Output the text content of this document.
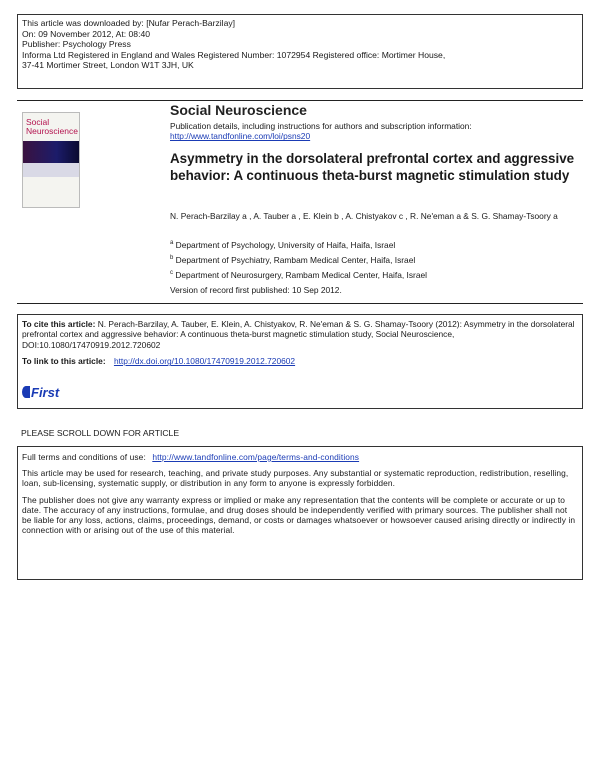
This article was downloaded by: [Nufar Perach-Barzilay]
On: 09 November 2012, At: 08:40
Publisher: Psychology Press
Informa Ltd Registered in England and Wales Registered Number: 1072954 Registered office: Mortimer House,
37-41 Mortimer Street, London W1T 3JH, UK
Social
Neuroscience
Social Neuroscience
Publication details, including instructions for authors and subscription information:
http://www.tandfonline.com/loi/psns20
Asymmetry in the dorsolateral prefrontal cortex and aggressive behavior: A continuous theta-burst magnetic stimulation study
N. Perach-Barzilay a , A. Tauber a , E. Klein b , A. Chistyakov c , R. Ne'eman a & S. G. Shamay-Tsoory a
$^a$ Department of Psychology, University of Haifa, Haifa, Israel
$^b$ Department of Psychiatry, Rambam Medical Center, Haifa, Israel
$^c$ Department of Neurosurgery, Rambam Medical Center, Haifa, Israel
Version of record first published: 10 Sep 2012.
To cite this article: N. Perach-Barzilay, A. Tauber, E. Klein, A. Chistyakov, R. Ne'eman & S. G. Shamay-Tsoory (2012): Asymmetry in the dorsolateral prefrontal cortex and aggressive behavior: A continuous theta-burst magnetic stimulation study, Social Neuroscience, DOI:10.1080/17470919.2012.720602
To link to this article: http://dx.doi.org/10.1080/17470919.2012.720602
First
PLEASE SCROLL DOWN FOR ARTICLE
Full terms and conditions of use: http://www.tandfonline.com/page/terms-and-conditions
This article may be used for research, teaching, and private study purposes. Any substantial or systematic reproduction, redistribution, reselling, loan, sub-licensing, systematic supply, or distribution in any form to anyone is expressly forbidden.
The publisher does not give any warranty express or implied or make any representation that the contents will be complete or accurate or up to date. The accuracy of any instructions, formulae, and drug doses should be independently verified with primary sources. The publisher shall not be liable for any loss, actions, claims, proceedings, demand, or costs or damages whatsoever or howsoever caused arising directly or indirectly in connection with or arising out of the use of this material.
